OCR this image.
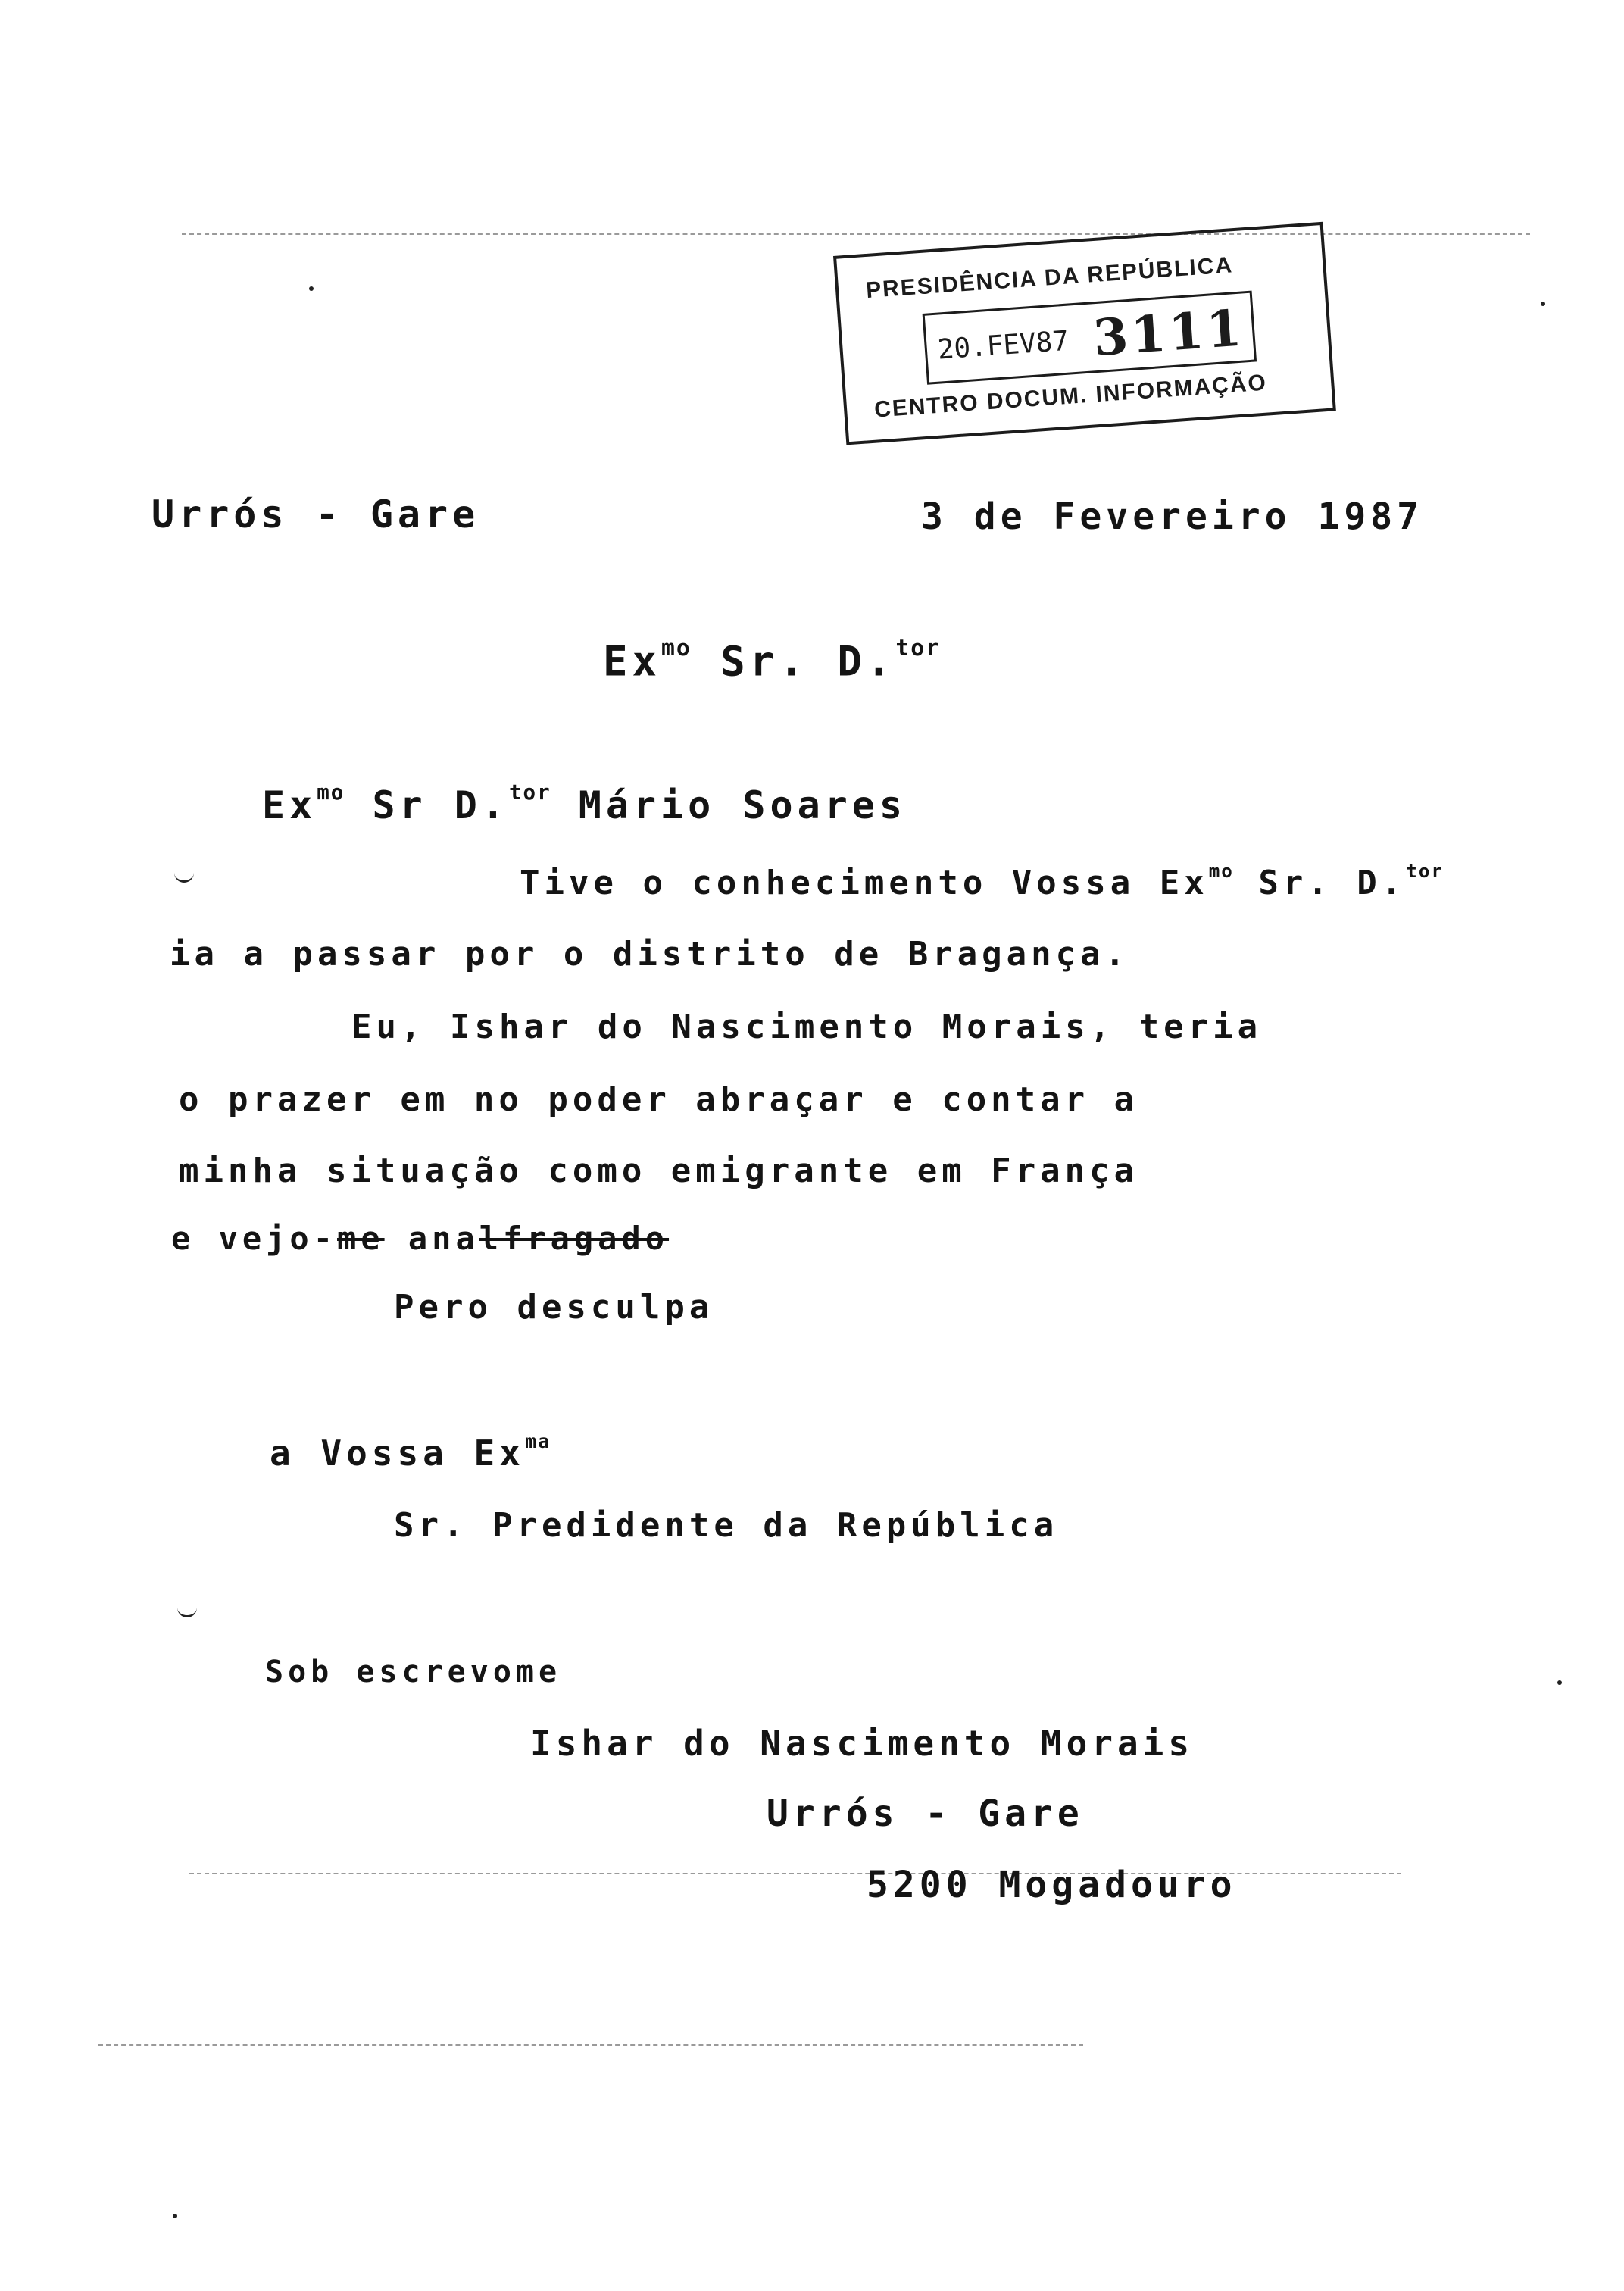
PRESIDÊNCIA DA REPÚBLICA
20.FEV87 3111
CENTRO DOCUM. INFORMAÇÃO
Urrós - Gare	3 de Fevereiro 1987
$Ex^{mo}$ Sr. D.$^{tor}$
$Ex^{mo}$ Sr D.$^{tor}$ Mário Soares
Tive o conhecimento Vossa $Ex^{mo}$ Sr. D.$^{tor}$
ia a passar por o distrito de Bragança.
Eu, Ishar do Nascimento Morais, teria
o prazer em no poder abraçar e contar a
minha situação como emigrante em França
e vejo-me analfragado
Pero desculpa
a Vossa $Ex^{ma}$
Sr. Predidente da República
Sob escrevome
Ishar do Nascimento Morais
Urrós - Gare
5200 Mogadouro
